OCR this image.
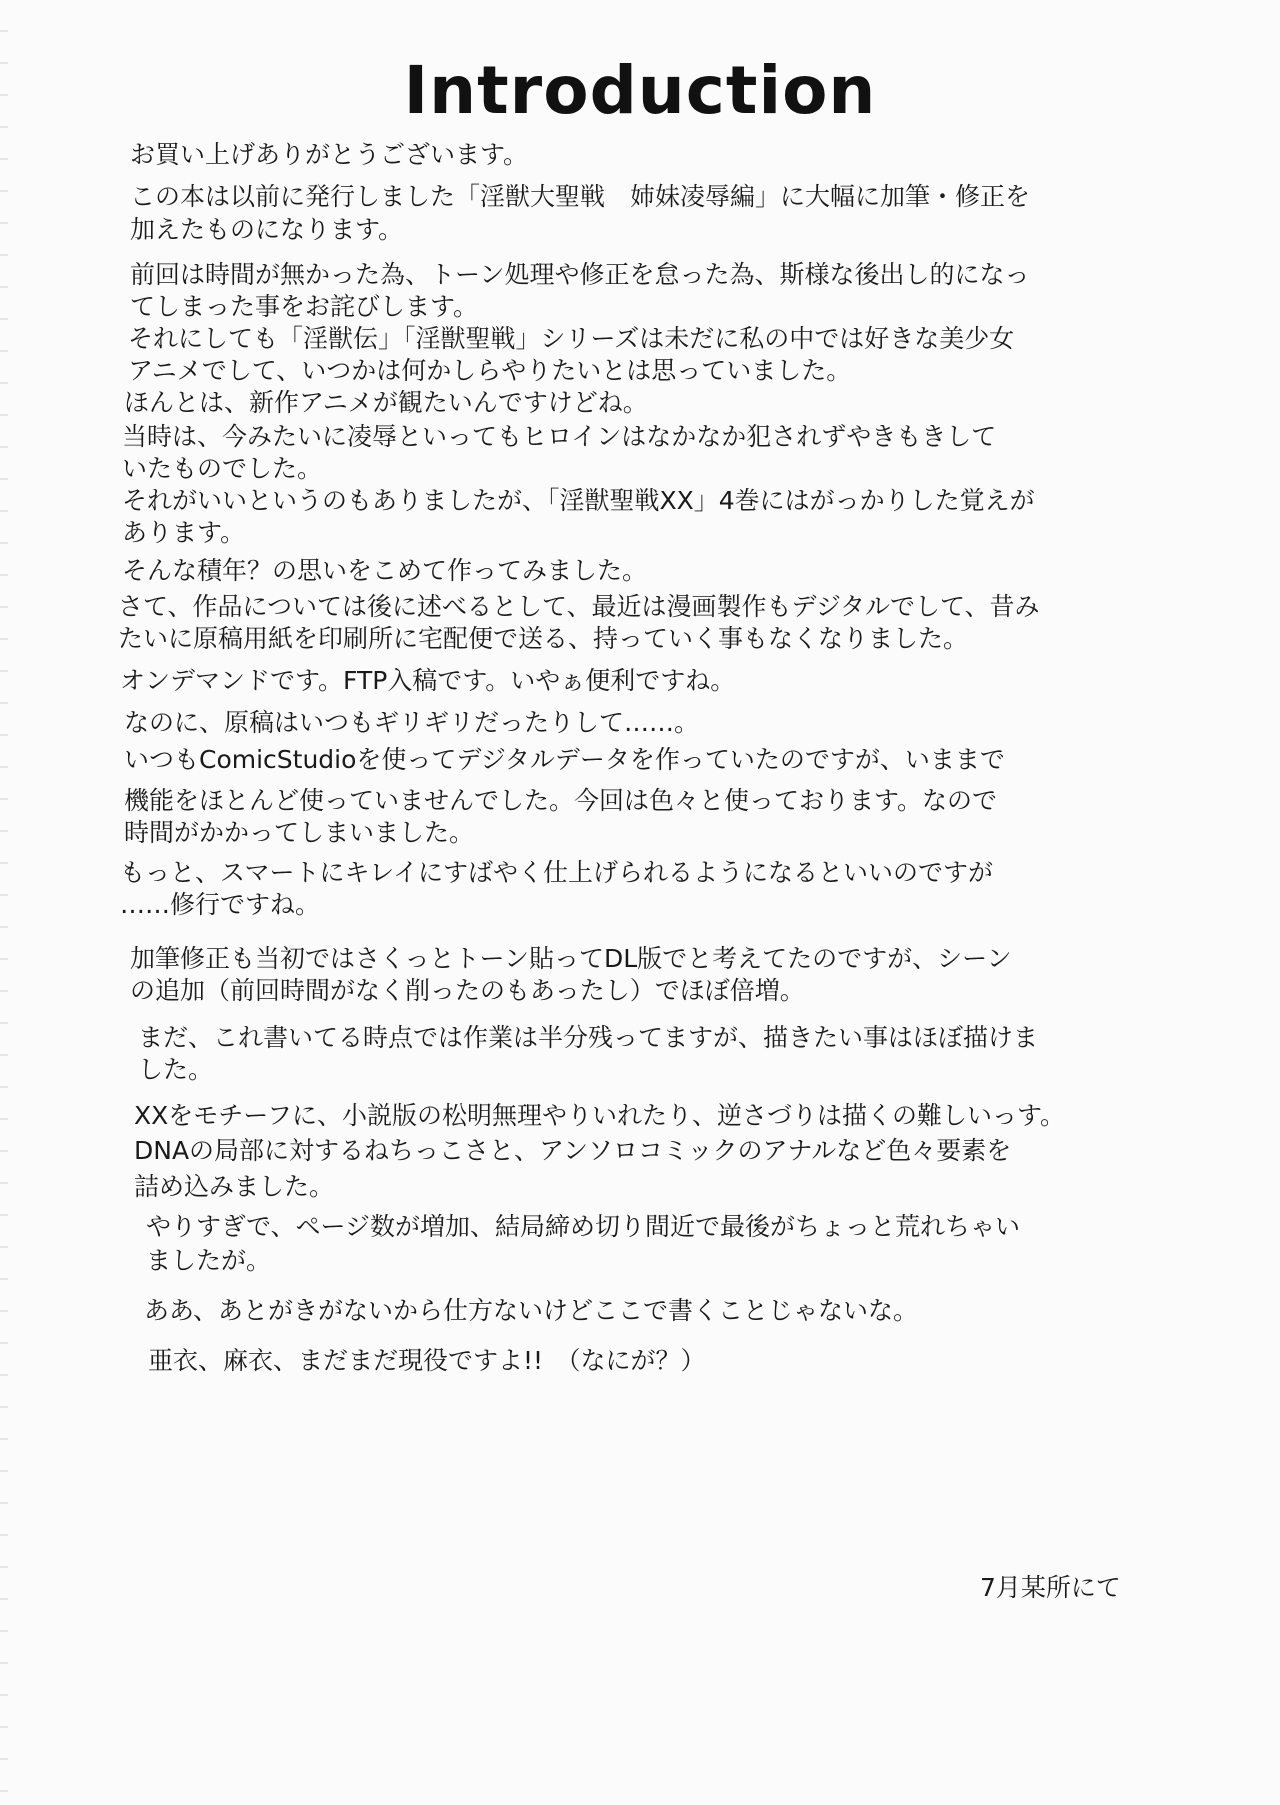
Introduction
お買い上げありがとうございます。
この本は以前に発行しました「淫獣大聖戦　姉妹凌辱編」に大幅に加筆・修正を
加えたものになります。
前回は時間が無かった為、トーン処理や修正を怠った為、斯様な後出し的になっ
てしまった事をお詫びします。
それにしても「淫獣伝」「淫獣聖戦」シリーズは未だに私の中では好きな美少女
アニメでして、いつかは何かしらやりたいとは思っていました。
ほんとは、新作アニメが観たいんですけどね。
当時は、今みたいに凌辱といってもヒロインはなかなか犯されずやきもきして
いたものでした。
それがいいというのもありましたが、「淫獣聖戦XX」4巻にはがっかりした覚えが
あります。
そんな積年？の思いをこめて作ってみました。
さて、作品については後に述べるとして、最近は漫画製作もデジタルでして、昔み
たいに原稿用紙を印刷所に宅配便で送る、持っていく事もなくなりました。
オンデマンドです。FTP入稿です。いやぁ便利ですね。
なのに、原稿はいつもギリギリだったりして……。
いつもComicStudioを使ってデジタルデータを作っていたのですが、いままで
機能をほとんど使っていませんでした。今回は色々と使っております。なので
時間がかかってしまいました。
もっと、スマートにキレイにすばやく仕上げられるようになるといいのですが
……修行ですね。
加筆修正も当初ではさくっとトーン貼ってDL版でと考えてたのですが、シーン
の追加（前回時間がなく削ったのもあったし）でほぼ倍増。
まだ、これ書いてる時点では作業は半分残ってますが、描きたい事はほぼ描けま
した。
XXをモチーフに、小説版の松明無理やりいれたり、逆さづりは描くの難しいっす。
DNAの局部に対するねちっこさと、アンソロコミックのアナルなど色々要素を
詰め込みました。
やりすぎで、ページ数が増加、結局締め切り間近で最後がちょっと荒れちゃい
ましたが。
ああ、あとがきがないから仕方ないけどここで書くことじゃないな。
亜衣、麻衣、まだまだ現役ですよ!!　（なにが？）
7月某所にて
